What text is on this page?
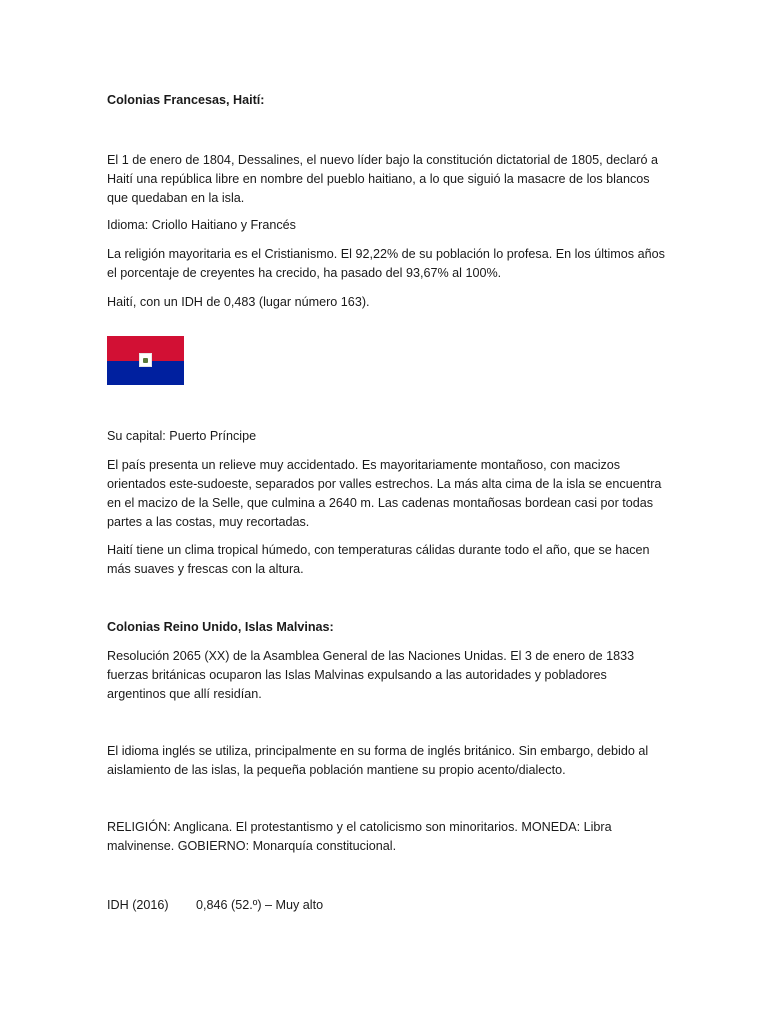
Colonias Francesas, Haití:

El 1 de enero de 1804, Dessalines, el nuevo líder bajo la constitución dictatorial de 1805, declaró a Haití una república libre en nombre del pueblo haitiano, a lo que siguió la masacre de los blancos que quedaban en la isla.

Idioma: Criollo Haitiano y Francés

La religión mayoritaria es el Cristianismo. El 92,22% de su población lo profesa. En los últimos años el porcentaje de creyentes ha crecido, ha pasado del 93,67% al 100%.

Haití, con un IDH de 0,483 (lugar número 163).

Su capital: Puerto Príncipe

El país presenta un relieve muy accidentado. Es mayoritariamente montañoso, con macizos orientados este-sudoeste, separados por valles estrechos. La más alta cima de la isla se encuentra en el macizo de la Selle, que culmina a 2640 m. Las cadenas montañosas bordean casi por todas partes a las costas, muy recortadas.

Haití tiene un clima tropical húmedo, con temperaturas cálidas durante todo el año, que se hacen más suaves y frescas con la altura.

Colonias Reino Unido, Islas Malvinas:

Resolución 2065 (XX) de la Asamblea General de las Naciones Unidas. El 3 de enero de 1833 fuerzas británicas ocuparon las Islas Malvinas expulsando a las autoridades y pobladores argentinos que allí residían.

El idioma inglés se utiliza, principalmente en su forma de inglés británico. Sin embargo, debido al aislamiento de las islas, la pequeña población mantiene su propio acento/dialecto.

RELIGIÓN: Anglicana. El protestantismo y el catolicismo son minoritarios. MONEDA: Libra malvinense. GOBIERNO: Monarquía constitucional.

IDH (2016) 0,846 (52.º) – Muy alto
